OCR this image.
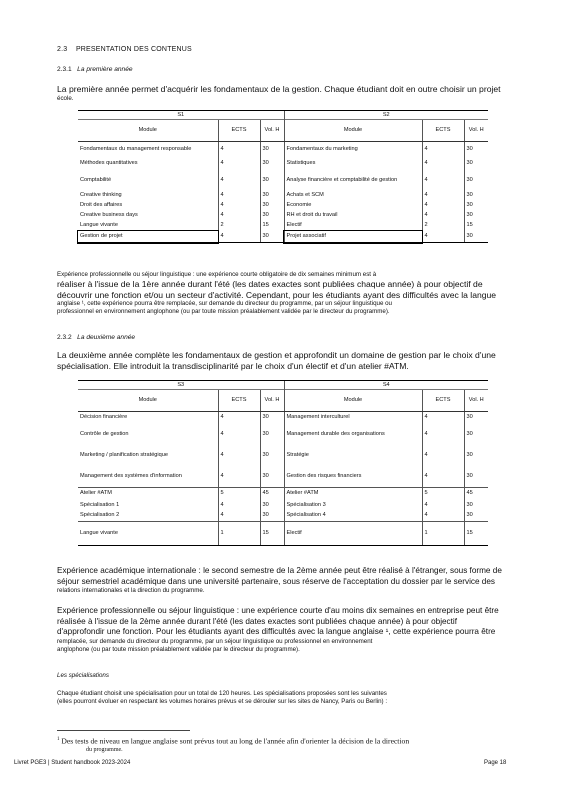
2.3 PRESENTATION DES CONTENUS
2.3.1 La première année
La première année permet d'acquérir les fondamentaux de la gestion. Chaque étudiant doit en outre choisir un projet
école.
S1			S2		
Module	ECTS	Vol. H	Module	ECTS	Vol. H
Fondamentaux du management responsable	4	30	Fondamentaux du marketing	4	30
Méthodes quantitatives	4	30	Statistiques	4	30
Comptabilité	4	30	Analyse financière et comptabilité de gestion	4	30
Creative thinking	4	30	Achats et SCM	4	30
Droit des affaires	4	30	Economie	4	30
Creative business days	4	30	RH et droit du travail	4	30
Langue vivante	2	15	Electif	2	15
Gestion de projet	4	30	Projet associatif	4	30
Expérience professionnelle ou séjour linguistique : une expérience courte obligatoire de dix semaines minimum est à
réaliser à l'issue de la 1ère année durant l'été (les dates exactes sont publiées chaque année) à pour objectif de
découvrir une fonction et/ou un secteur d'activité. Cependant, pour les étudiants ayant des difficultés avec la langue
anglaise ¹, cette expérience pourra être remplacée, sur demande du directeur du programme, par un séjour linguistique ou
professionnel en environnement anglophone (ou par toute mission préalablement validée par le directeur du programme).
2.3.2 La deuxième année
La deuxième année complète les fondamentaux de gestion et approfondit un domaine de gestion par le choix d'une
spécialisation. Elle introduit la transdisciplinarité par le choix d'un électif et d'un atelier #ATM.
S3			S4		
Module	ECTS	Vol. H	Module	ECTS	Vol. H
Décision financière	4	30	Management interculturel	4	30
Contrôle de gestion	4	30	Management durable des organisations	4	30
Marketing / planification stratégique	4	30	Stratégie	4	30
Management des systèmes d'information	4	30	Gestion des risques financiers	4	30
Atelier #ATM	5	45	Atelier #ATM	5	45
Spécialisation 1	4	30	Spécialisation 3	4	30
Spécialisation 2	4	30	Spécialisation 4	4	30
Langue vivante	1	15	Electif	1	15
Expérience académique internationale : le second semestre de la 2ème année peut être réalisé à l'étranger, sous forme de
séjour semestriel académique dans une université partenaire, sous réserve de l'acceptation du dossier par le service des
relations internationales et la direction du programme.
Expérience professionnelle ou séjour linguistique : une expérience courte d'au moins dix semaines en entreprise peut être
réalisée à l'issue de la 2ème année durant l'été (les dates exactes sont publiées chaque année) à pour objectif
d'approfondir une fonction. Pour les étudiants ayant des difficultés avec la langue anglaise ¹, cette expérience pourra être
remplacée, sur demande du directeur du programme, par un séjour linguistique ou professionnel en environnement
anglophone (ou par toute mission préalablement validée par le directeur du programme).
Les spécialisations
Chaque étudiant choisit une spécialisation pour un total de 120 heures. Les spécialisations proposées sont les suivantes
(elles pourront évoluer en respectant les volumes horaires prévus et se dérouler sur les sites de Nancy, Paris ou Berlin) :
$^1$ Des tests de niveau en langue anglaise sont prévus tout au long de l'année afin d'orienter la décision de la direction
du programme.
Livret PGE3 | Student handbook 2023-2024	Page 18
